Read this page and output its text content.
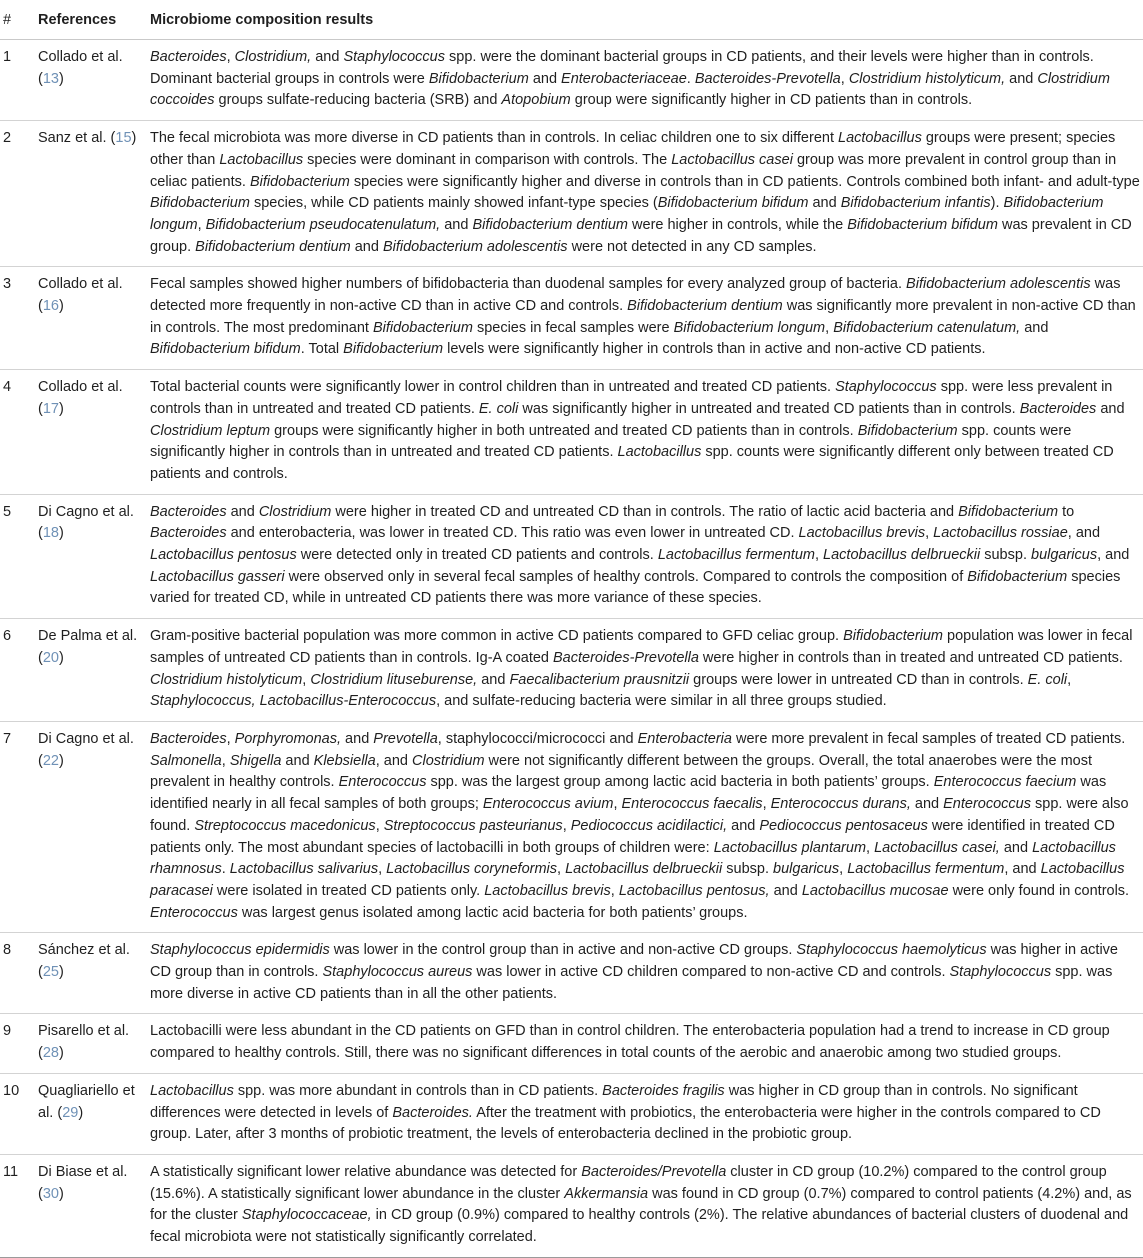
#	References	Microbiome composition results
1	Collado et al. (13)	Bacteroides, Clostridium, and Staphylococcus spp. were the dominant bacterial groups in CD patients, and their levels were higher than in controls. Dominant bacterial groups in controls were Bifidobacterium and Enterobacteriaceae. Bacteroides-Prevotella, Clostridium histolyticum, and Clostridium coccoides groups sulfate-reducing bacteria (SRB) and Atopobium group were significantly higher in CD patients than in controls.
2	Sanz et al. (15)	The fecal microbiota was more diverse in CD patients than in controls. In celiac children one to six different Lactobacillus groups were present; species other than Lactobacillus species were dominant in comparison with controls. The Lactobacillus casei group was more prevalent in control group than in celiac patients. Bifidobacterium species were significantly higher and diverse in controls than in CD patients. Controls combined both infant- and adult-type Bifidobacterium species, while CD patients mainly showed infant-type species (Bifidobacterium bifidum and Bifidobacterium infantis). Bifidobacterium longum, Bifidobacterium pseudocatenulatum, and Bifidobacterium dentium were higher in controls, while the Bifidobacterium bifidum was prevalent in CD group. Bifidobacterium dentium and Bifidobacterium adolescentis were not detected in any CD samples.
3	Collado et al. (16)	Fecal samples showed higher numbers of bifidobacteria than duodenal samples for every analyzed group of bacteria. Bifidobacterium adolescentis was detected more frequently in non-active CD than in active CD and controls. Bifidobacterium dentium was significantly more prevalent in non-active CD than in controls. The most predominant Bifidobacterium species in fecal samples were Bifidobacterium longum, Bifidobacterium catenulatum, and Bifidobacterium bifidum. Total Bifidobacterium levels were significantly higher in controls than in active and non-active CD patients.
4	Collado et al. (17)	Total bacterial counts were significantly lower in control children than in untreated and treated CD patients. Staphylococcus spp. were less prevalent in controls than in untreated and treated CD patients. E. coli was significantly higher in untreated and treated CD patients than in controls. Bacteroides and Clostridium leptum groups were significantly higher in both untreated and treated CD patients than in controls. Bifidobacterium spp. counts were significantly higher in controls than in untreated and treated CD patients. Lactobacillus spp. counts were significantly different only between treated CD patients and controls.
5	Di Cagno et al. (18)	Bacteroides and Clostridium were higher in treated CD and untreated CD than in controls. The ratio of lactic acid bacteria and Bifidobacterium to Bacteroides and enterobacteria, was lower in treated CD. This ratio was even lower in untreated CD. Lactobacillus brevis, Lactobacillus rossiae, and Lactobacillus pentosus were detected only in treated CD patients and controls. Lactobacillus fermentum, Lactobacillus delbrueckii subsp. bulgaricus, and Lactobacillus gasseri were observed only in several fecal samples of healthy controls. Compared to controls the composition of Bifidobacterium species varied for treated CD, while in untreated CD patients there was more variance of these species.
6	De Palma et al. (20)	Gram-positive bacterial population was more common in active CD patients compared to GFD celiac group. Bifidobacterium population was lower in fecal samples of untreated CD patients than in controls. Ig-A coated Bacteroides-Prevotella were higher in controls than in treated and untreated CD patients. Clostridium histolyticum, Clostridium lituseburense, and Faecalibacterium prausnitzii groups were lower in untreated CD than in controls. E. coli, Staphylococcus, Lactobacillus-Enterococcus, and sulfate-reducing bacteria were similar in all three groups studied.
7	Di Cagno et al. (22)	Bacteroides, Porphyromonas, and Prevotella, staphylococci/micrococci and Enterobacteria were more prevalent in fecal samples of treated CD patients. Salmonella, Shigella and Klebsiella, and Clostridium were not significantly different between the groups. Overall, the total anaerobes were the most prevalent in healthy controls. Enterococcus spp. was the largest group among lactic acid bacteria in both patients’ groups. Enterococcus faecium was identified nearly in all fecal samples of both groups; Enterococcus avium, Enterococcus faecalis, Enterococcus durans, and Enterococcus spp. were also found. Streptococcus macedonicus, Streptococcus pasteurianus, Pediococcus acidilactici, and Pediococcus pentosaceus were identified in treated CD patients only. The most abundant species of lactobacilli in both groups of children were: Lactobacillus plantarum, Lactobacillus casei, and Lactobacillus rhamnosus. Lactobacillus salivarius, Lactobacillus coryneformis, Lactobacillus delbrueckii subsp. bulgaricus, Lactobacillus fermentum, and Lactobacillus paracasei were isolated in treated CD patients only. Lactobacillus brevis, Lactobacillus pentosus, and Lactobacillus mucosae were only found in controls. Enterococcus was largest genus isolated among lactic acid bacteria for both patients’ groups.
8	Sánchez et al. (25)	Staphylococcus epidermidis was lower in the control group than in active and non-active CD groups. Staphylococcus haemolyticus was higher in active CD group than in controls. Staphylococcus aureus was lower in active CD children compared to non-active CD and controls. Staphylococcus spp. was more diverse in active CD patients than in all the other patients.
9	Pisarello et al. (28)	Lactobacilli were less abundant in the CD patients on GFD than in control children. The enterobacteria population had a trend to increase in CD group compared to healthy controls. Still, there was no significant differences in total counts of the aerobic and anaerobic among two studied groups.
10	Quagliariello et al. (29)	Lactobacillus spp. was more abundant in controls than in CD patients. Bacteroides fragilis was higher in CD group than in controls. No significant differences were detected in levels of Bacteroides. After the treatment with probiotics, the enterobacteria were higher in the controls compared to CD group. Later, after 3 months of probiotic treatment, the levels of enterobacteria declined in the probiotic group.
11	Di Biase et al. (30)	A statistically significant lower relative abundance was detected for Bacteroides/Prevotella cluster in CD group (10.2%) compared to the control group (15.6%). A statistically significant lower abundance in the cluster Akkermansia was found in CD group (0.7%) compared to control patients (4.2%) and, as for the cluster Staphylococcaceae, in CD group (0.9%) compared to healthy controls (2%). The relative abundances of bacterial clusters of duodenal and fecal microbiota were not statistically significantly correlated.
